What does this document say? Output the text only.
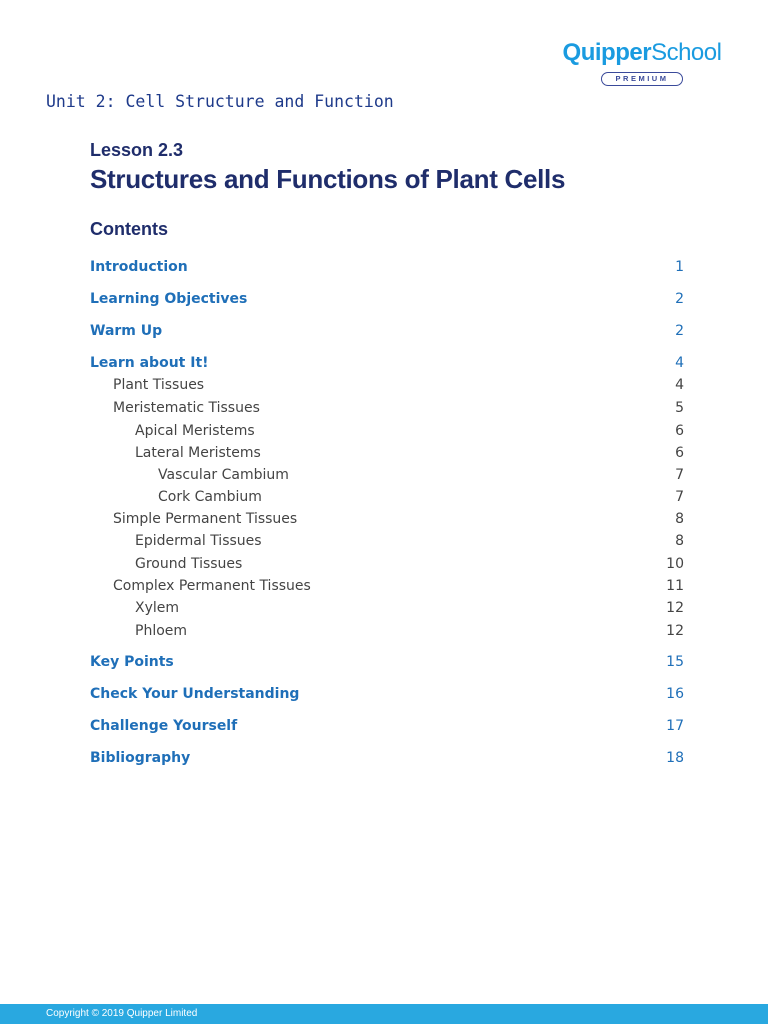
QuipperSchool
PREMIUM
Unit 2: Cell Structure and Function
Lesson 2.3
Structures and Functions of Plant Cells
Contents
Introduction	1
Learning Objectives	2
Warm Up	2
Learn about It!	4
Plant Tissues	4
Meristematic Tissues	5
Apical Meristems	6
Lateral Meristems	6
Vascular Cambium	7
Cork Cambium	7
Simple Permanent Tissues	8
Epidermal Tissues	8
Ground Tissues	10
Complex Permanent Tissues	11
Xylem	12
Phloem	12
Key Points	15
Check Your Understanding	16
Challenge Yourself	17
Bibliography	18
Copyright © 2019 Quipper Limited
